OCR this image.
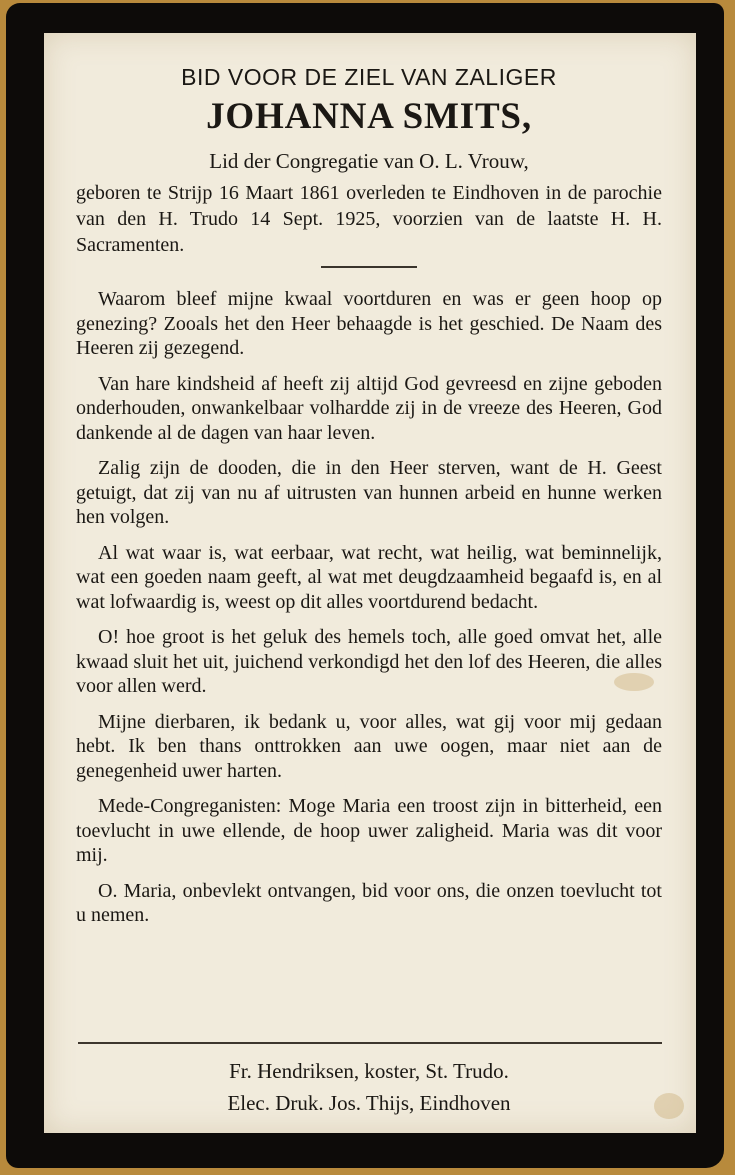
BID VOOR DE ZIEL VAN ZALIGER
JOHANNA SMITS,
Lid der Congregatie van O. L. Vrouw,
geboren te Strijp 16 Maart 1861 overleden te Eindhoven in de parochie van den H. Trudo 14 Sept. 1925, voorzien van de laatste H. H. Sacramenten.

Waarom bleef mijne kwaal voortduren en was er geen hoop op genezing? Zooals het den Heer behaagde is het geschied. De Naam des Heeren zij gezegend.

Van hare kindsheid af heeft zij altijd God gevreesd en zijne geboden onderhouden, onwankelbaar volhardde zij in de vreeze des Heeren, God dankende al de dagen van haar leven.

Zalig zijn de dooden, die in den Heer sterven, want de H. Geest getuigt, dat zij van nu af uitrusten van hunnen arbeid en hunne werken hen volgen.

Al wat waar is, wat eerbaar, wat recht, wat heilig, wat beminnelijk, wat een goeden naam geeft, al wat met deugdzaamheid begaafd is, en al wat lofwaardig is, weest op dit alles voortdurend bedacht.

O! hoe groot is het geluk des hemels toch, alle goed omvat het, alle kwaad sluit het uit, juichend verkondigd het den lof des Heeren, die alles voor allen werd.

Mijne dierbaren, ik bedank u, voor alles, wat gij voor mij gedaan hebt. Ik ben thans onttrokken aan uwe oogen, maar niet aan de genegenheid uwer harten.

Mede-Congreganisten: Moge Maria een troost zijn in bitterheid, een toevlucht in uwe ellende, de hoop uwer zaligheid. Maria was dit voor mij.

O. Maria, onbevlekt ontvangen, bid voor ons, die onzen toevlucht tot u nemen.

Fr. Hendriksen, koster, St. Trudo.
Elec. Druk. Jos. Thijs, Eindhoven
